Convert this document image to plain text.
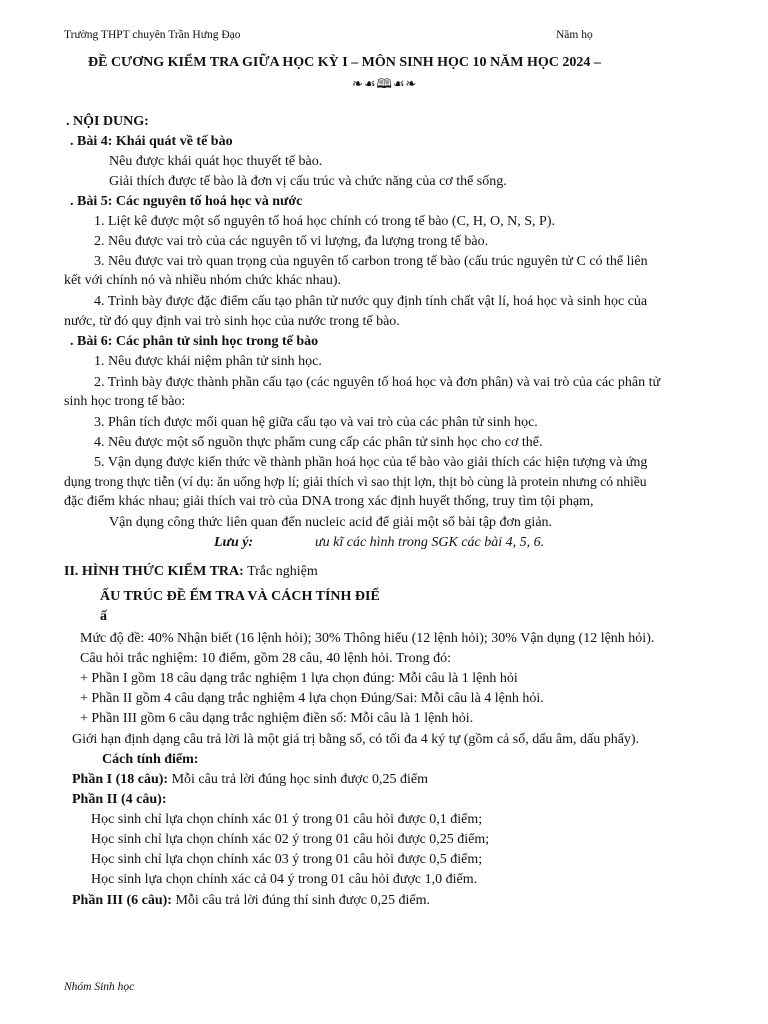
Trường THPT chuyên Trần Hưng Đạo	Năm họ
ĐỀ CƯƠNG KIỂM TRA GIỮA HỌC KỲ I – MÔN SINH HỌC 10 NĂM HỌC 2024 –
❧☙🕮☙❧
. NỘI DUNG:
. Bài 4: Khái quát về tế bào
Nêu được khái quát học thuyết tế bào.
Giải thích được tế bào là đơn vị cấu trúc và chức năng của cơ thể sống.
. Bài 5: Các nguyên tố hoá học và nước
1. Liệt kê được một số nguyên tố hoá học chính có trong tế bào (C, H, O, N, S, P).
2. Nêu được vai trò của các nguyên tố vi lượng, đa lượng trong tế bào.
3. Nêu được vai trò quan trọng của nguyên tố carbon trong tế bào (cấu trúc nguyên tử C có thể liên
kết với chính nó và nhiều nhóm chức khác nhau).
4. Trình bày được đặc điểm cấu tạo phân tử nước quy định tính chất vật lí, hoá học và sinh học của
nước, từ đó quy định vai trò sinh học của nước trong tế bào.
. Bài 6: Các phân tử sinh học trong tế bào
1. Nêu được khái niệm phân tử sinh học.
2. Trình bày được thành phần cấu tạo (các nguyên tố hoá học và đơn phân) và vai trò của các phân tử
sinh học trong tế bào:
3. Phân tích được mối quan hệ giữa cấu tạo và vai trò của các phân tử sinh học.
4. Nêu được một số nguồn thực phẩm cung cấp các phân tử sinh học cho cơ thể.
5. Vận dụng được kiến thức về thành phần hoá học của tế bào vào giải thích các hiện tượng và ứng
dụng trong thực tiễn (ví dụ: ăn uống hợp lí; giải thích vì sao thịt lợn, thịt bò cùng là protein nhưng có nhiều
đặc điểm khác nhau; giải thích vai trò của DNA trong xác định huyết thống, truy tìm tội phạm,
Vận dụng công thức liên quan đến nucleic acid để giải một số bài tập đơn giản.
Lưu ý:	ưu kĩ các hình trong SGK các bài 4, 5, 6.
II. HÌNH THỨC KIỂM TRA: Trắc nghiệm
ẤU TRÚC ĐỀ ỂM TRA VÀ CÁCH TÍNH ĐIỂ
ấ
Mức độ đề: 40% Nhận biết (16 lệnh hỏi); 30% Thông hiểu (12 lệnh hỏi); 30% Vận dụng (12 lệnh hỏi).
Câu hỏi trắc nghiệm: 10 điểm, gồm 28 câu, 40 lệnh hỏi. Trong đó:
+ Phần I gồm 18 câu dạng trắc nghiệm 1 lựa chọn đúng: Mỗi câu là 1 lệnh hỏi
+ Phần II gồm 4 câu dạng trắc nghiệm 4 lựa chọn Đúng/Sai: Mỗi câu là 4 lệnh hỏi.
+ Phần III gồm 6 câu dạng trắc nghiệm điền số: Mỗi câu là 1 lệnh hỏi.
Giới hạn định dạng câu trả lời là một giá trị bằng số, có tối đa 4 ký tự (gồm cả số, dấu âm, dấu phẩy).
Cách tính điểm:
Phần I (18 câu): Mỗi câu trả lời đúng học sinh được 0,25 điểm
Phần II (4 câu):
Học sinh chỉ lựa chọn chính xác 01 ý trong 01 câu hỏi được 0,1 điểm;
Học sinh chỉ lựa chọn chính xác 02 ý trong 01 câu hỏi được 0,25 điểm;
Học sinh chỉ lựa chọn chính xác 03 ý trong 01 câu hỏi được 0,5 điểm;
Học sinh lựa chọn chính xác cả 04 ý trong 01 câu hỏi được 1,0 điểm.
Phần III (6 câu): Mỗi câu trả lời đúng thí sinh được 0,25 điểm.
Nhóm Sinh học
